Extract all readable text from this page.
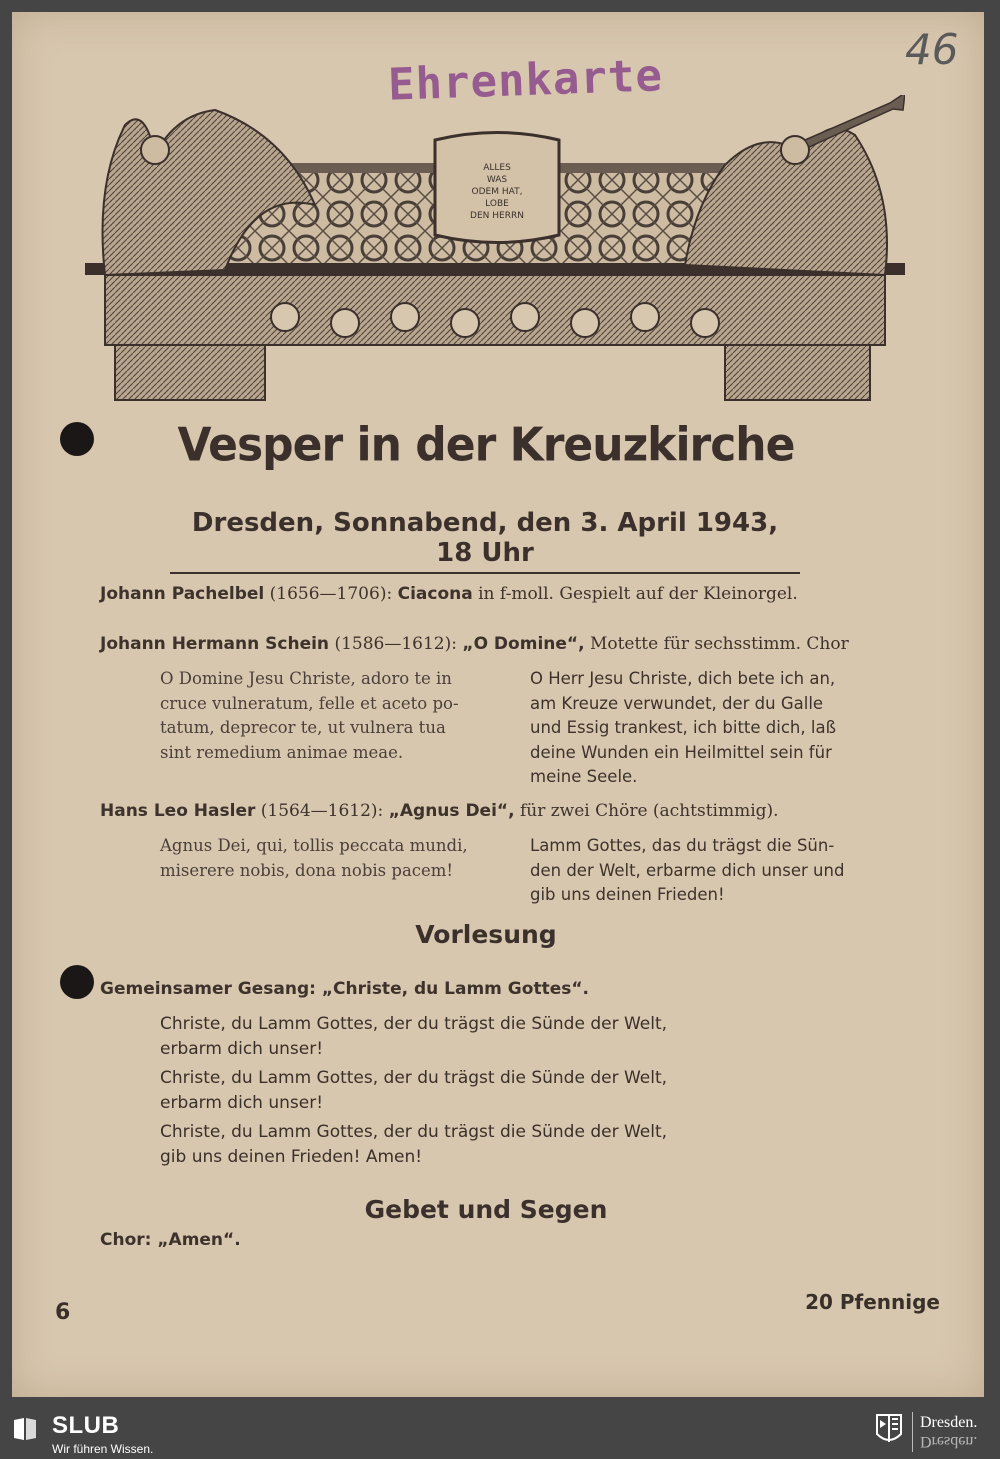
Ehrenkarte
46
ALLES
WAS
ODEM HAT,
LOBE
DEN HERRN
Vesper in der Kreuzkirche
Dresden, Sonnabend, den 3. April 1943, 18 Uhr
Johann Pachelbel (1656—1706): Ciacona in f-moll. Gespielt auf der Kleinorgel.
Johann Hermann Schein (1586—1612): „O Domine“, Motette für sechsstimm. Chor
O Domine Jesu Christe, adoro te in
cruce vulneratum, felle et aceto po-
tatum, deprecor te, ut vulnera tua
sint remedium animae meae.
O Herr Jesu Christe, dich bete ich an,
am Kreuze verwundet, der du Galle
und Essig trankest, ich bitte dich, laß
deine Wunden ein Heilmittel sein für
meine Seele.
Hans Leo Hasler (1564—1612): „Agnus Dei“, für zwei Chöre (achtstimmig).
Agnus Dei, qui, tollis peccata mundi,
miserere nobis, dona nobis pacem!
Lamm Gottes, das du trägst die Sün-
den der Welt, erbarme dich unser und
gib uns deinen Frieden!
Vorlesung
Gemeinsamer Gesang: „Christe, du Lamm Gottes“.
Christe, du Lamm Gottes, der du trägst die Sünde der Welt,
erbarm dich unser!
Christe, du Lamm Gottes, der du trägst die Sünde der Welt,
erbarm dich unser!
Christe, du Lamm Gottes, der du trägst die Sünde der Welt,
gib uns deinen Frieden! Amen!
Gebet und Segen
Chor: „Amen“.
6	20 Pfennige
SLUB
Wir führen Wissen.
Dresden.
Dresden.
